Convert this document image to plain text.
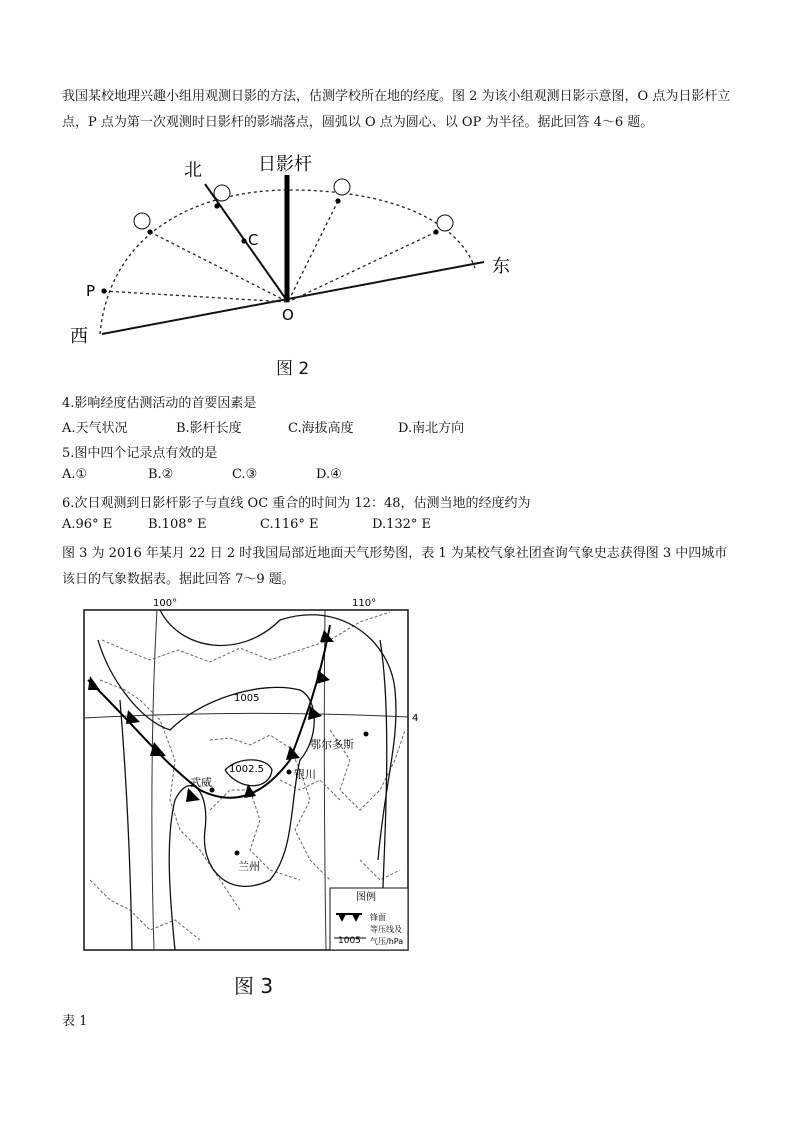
我国某校地理兴趣小组用观测日影的方法，估测学校所在地的经度。图 2 为该小组观测日影示意图，O 点为日影杆立点，P 点为第一次观测时日影杆的影端落点，圆弧以 O 点为圆心、以 OP 为半径。据此回答 4～6 题。

日影杆
北
东
西
O
P
C
图 2
4.影响经度估测活动的首要因素是
A.天气状况	B.影杆长度	C.海拔高度	D.南北方向
5.图中四个记录点有效的是
A.①	B.②	C.③	D.④
6.次日观测到日影杆影子与直线 OC 重合的时间为 12：48，估测当地的经度约为
A.96° E	B.108° E	C.116° E	D.132° E

图 3 为 2016 年某月 22 日 2 时我国局部近地面天气形势图，表 1 为某校气象社团查询气象史志获得图 3 中四城市该日的气象数据表。据此回答 7～9 题。

100°	110°
4
1005
1002.5
武威
银川
鄂尔多斯
兰州
图例
锋面
等压线及
1005 气压/hPa
图 3
表 1
